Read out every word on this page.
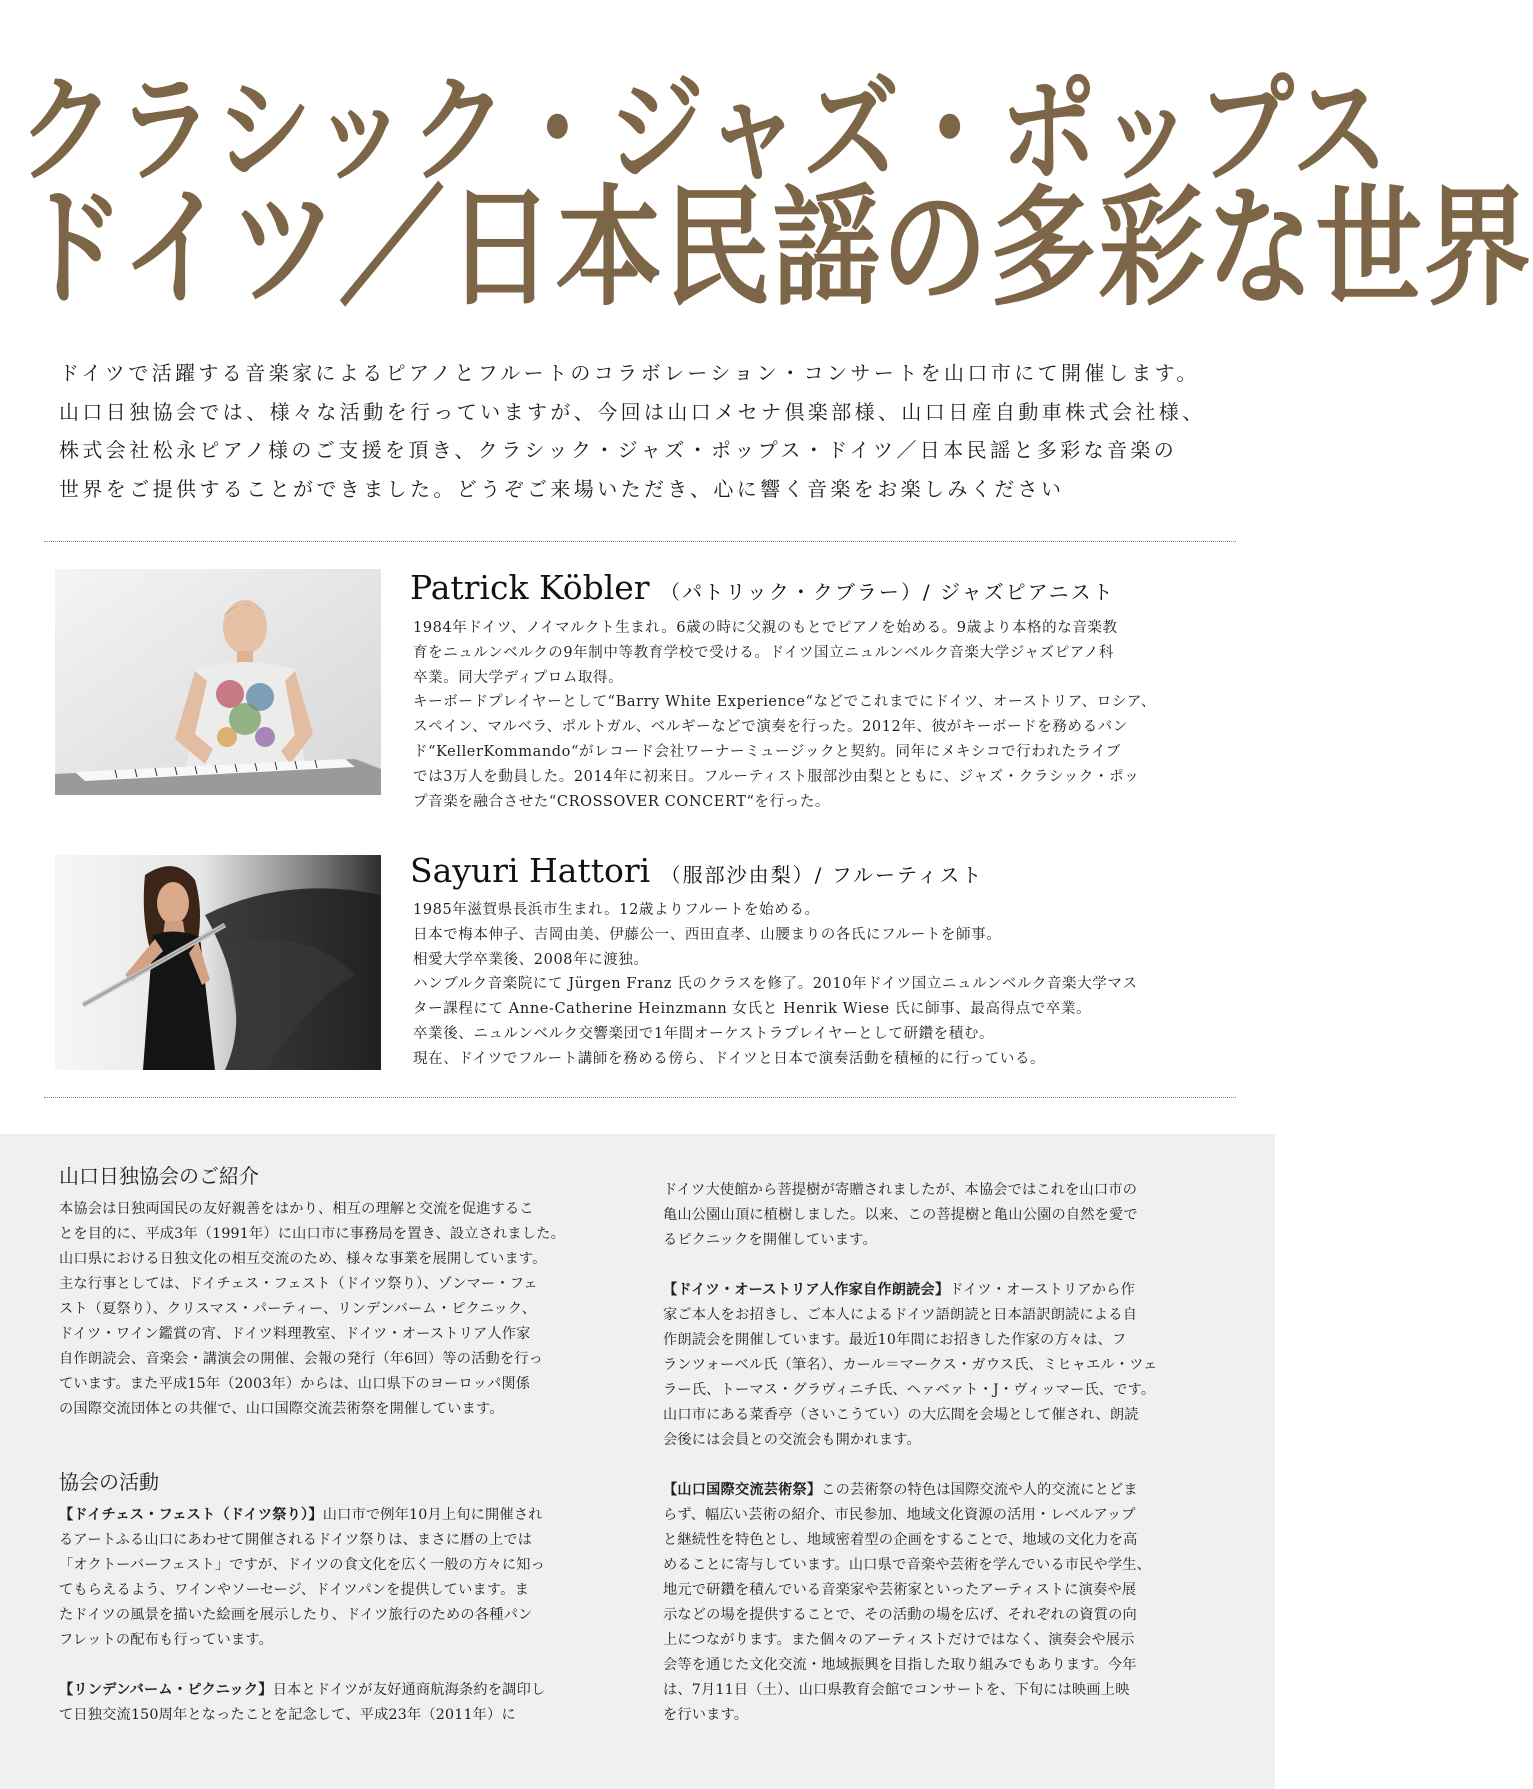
クラシック・ジャズ・ポップス
ドイツ／日本民謡の多彩な世界

ドイツで活躍する音楽家によるピアノとフルートのコラボレーション・コンサートを山口市にて開催します。

山口日独協会では、様々な活動を行っていますが、今回は山口メセナ倶楽部様、山口日産自動車株式会社様、

株式会社松永ピアノ様のご支援を頂き、クラシック・ジャズ・ポップス・ドイツ／日本民謡と多彩な音楽の

世界をご提供することができました。どうぞご来場いただき、心に響く音楽をお楽しみください

Patrick Köbler （パトリック・クブラー）/ ジャズピアニスト

1984年ドイツ、ノイマルクト生まれ。6歳の時に父親のもとでピアノを始める。9歳より本格的な音楽教

育をニュルンベルクの9年制中等教育学校で受ける。ドイツ国立ニュルンベルク音楽大学ジャズピアノ科

卒業。同大学ディプロム取得。

キーボードプレイヤーとして“Barry White Experience“などでこれまでにドイツ、オーストリア、ロシア、

スペイン、マルベラ、ポルトガル、ベルギーなどで演奏を行った。2012年、彼がキーボードを務めるバン

ド“KellerKommando“がレコード会社ワーナーミュージックと契約。同年にメキシコで行われたライブ

では3万人を動員した。2014年に初来日。フルーティスト服部沙由梨とともに、ジャズ・クラシック・ポッ

プ音楽を融合させた“CROSSOVER CONCERT“を行った。

Sayuri Hattori （服部沙由梨）/ フルーティスト

1985年滋賀県長浜市生まれ。12歳よりフルートを始める。

日本で梅本伸子、吉岡由美、伊藤公一、西田直孝、山腰まりの各氏にフルートを師事。

相愛大学卒業後、2008年に渡独。

ハンブルク音楽院にて Jürgen Franz 氏のクラスを修了。2010年ドイツ国立ニュルンベルク音楽大学マス

ター課程にて Anne-Catherine Heinzmann 女氏と Henrik Wiese 氏に師事、最高得点で卒業。

卒業後、ニュルンベルク交響楽団で1年間オーケストラプレイヤーとして研鑽を積む。

現在、ドイツでフルート講師を務める傍ら、ドイツと日本で演奏活動を積極的に行っている。

山口日独協会のご紹介

本協会は日独両国民の友好親善をはかり、相互の理解と交流を促進するこ

とを目的に、平成3年（1991年）に山口市に事務局を置き、設立されました。

山口県における日独文化の相互交流のため、様々な事業を展開しています。

主な行事としては、ドイチェス・フェスト（ドイツ祭り）、ゾンマー・フェ

スト（夏祭り）、クリスマス・パーティー、リンデンバーム・ピクニック、

ドイツ・ワイン鑑賞の宵、ドイツ料理教室、ドイツ・オーストリア人作家

自作朗読会、音楽会・講演会の開催、会報の発行（年6回）等の活動を行っ

ています。また平成15年（2003年）からは、山口県下のヨーロッパ関係

の国際交流団体との共催で、山口国際交流芸術祭を開催しています。

協会の活動

【ドイチェス・フェスト（ドイツ祭り）】山口市で例年10月上旬に開催され

るアートふる山口にあわせて開催されるドイツ祭りは、まさに暦の上では

「オクトーバーフェスト」ですが、ドイツの食文化を広く一般の方々に知っ

てもらえるよう、ワインやソーセージ、ドイツパンを提供しています。ま

たドイツの風景を描いた絵画を展示したり、ドイツ旅行のための各種パン

フレットの配布も行っています。

【リンデンバーム・ピクニック】日本とドイツが友好通商航海条約を調印し

て日独交流150周年となったことを記念して、平成23年（2011年）に

ドイツ大使館から菩提樹が寄贈されましたが、本協会ではこれを山口市の

亀山公園山頂に植樹しました。以来、この菩提樹と亀山公園の自然を愛で

るピクニックを開催しています。

【ドイツ・オーストリア人作家自作朗読会】ドイツ・オーストリアから作

家ご本人をお招きし、ご本人によるドイツ語朗読と日本語訳朗読による自

作朗読会を開催しています。最近10年間にお招きした作家の方々は、フ

ランツォーベル氏（筆名）、カール＝マークス・ガウス氏、ミヒャエル・ツェ

ラー氏、トーマス・グラヴィニチ氏、ヘァベァト・J・ヴィッマー氏、です。

山口市にある菜香亭（さいこうてい）の大広間を会場として催され、朗読

会後には会員との交流会も開かれます。

【山口国際交流芸術祭】この芸術祭の特色は国際交流や人的交流にとどま

らず、幅広い芸術の紹介、市民参加、地域文化資源の活用・レベルアップ

と継続性を特色とし、地域密着型の企画をすることで、地域の文化力を高

めることに寄与しています。山口県で音楽や芸術を学んでいる市民や学生、

地元で研鑽を積んでいる音楽家や芸術家といったアーティストに演奏や展

示などの場を提供することで、その活動の場を広げ、それぞれの資質の向

上につながります。また個々のアーティストだけではなく、演奏会や展示

会等を通じた文化交流・地域振興を目指した取り組みでもあります。今年

は、7月11日（土）、山口県教育会館でコンサートを、下旬には映画上映

を行います。
